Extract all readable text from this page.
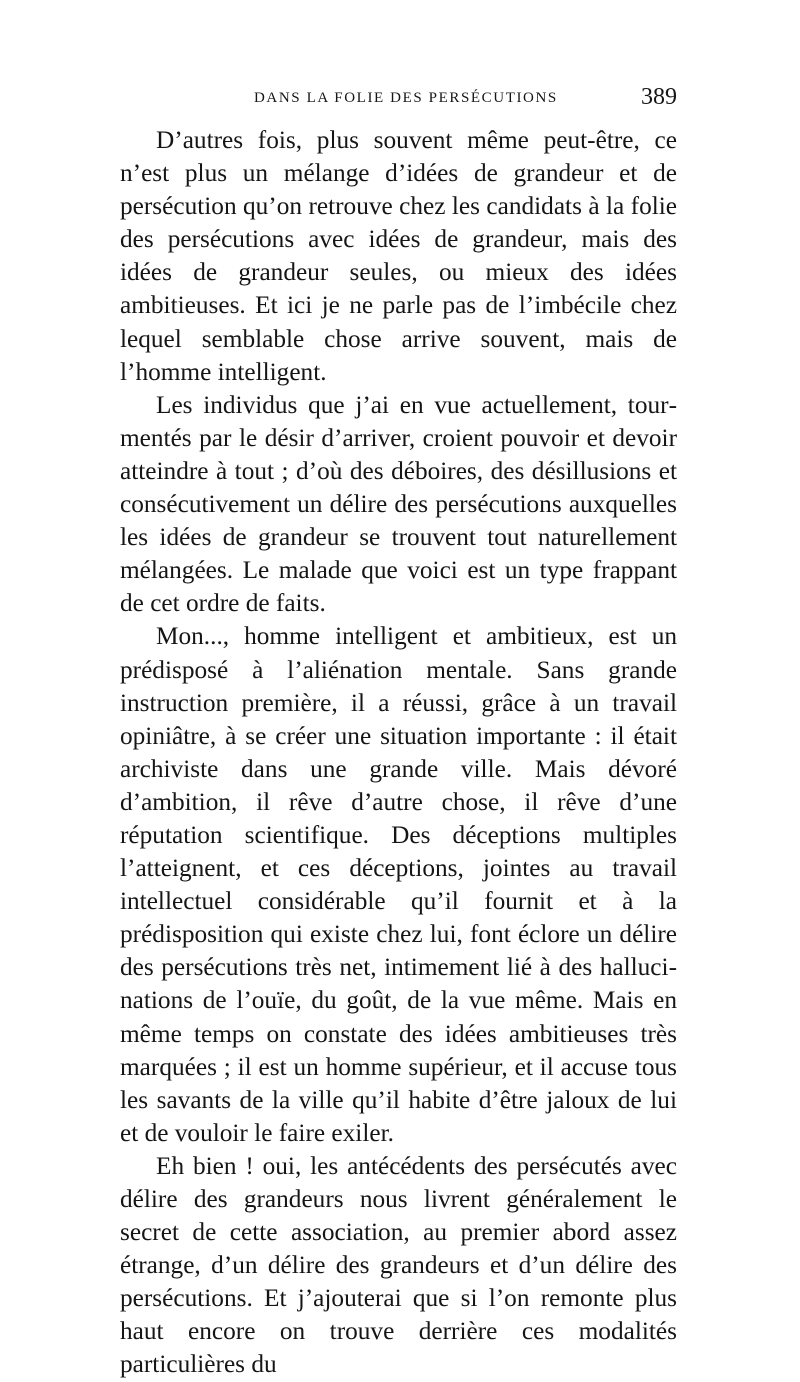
DANS LA FOLIE DES PERSÉCUTIONS	389

D’autres fois, plus souvent même peut-être, ce n’est plus un mélange d’idées de grandeur et de persécution qu’on retrouve chez les candidats à la folie des persécutions avec idées de grandeur, mais des idées de grandeur seules, ou mieux des idées ambitieuses. Et ici je ne parle pas de l’imbécile chez lequel semblable chose arrive souvent, mais de l’homme intelligent.

Les individus que j’ai en vue actuellement, tourmentés par le désir d’arriver, croient pouvoir et devoir atteindre à tout ; d’où des déboires, des désillusions et consécutivement un délire des persécutions auxquelles les idées de grandeur se trouvent tout naturellement mélangées. Le malade que voici est un type frappant de cet ordre de faits.

Mon..., homme intelligent et ambitieux, est un prédisposé à l’aliénation mentale. Sans grande instruction première, il a réussi, grâce à un travail opiniâtre, à se créer une situation importante : il était archiviste dans une grande ville. Mais dévoré d’ambition, il rêve d’autre chose, il rêve d’une réputation scientifique. Des déceptions multiples l’atteignent, et ces déceptions, jointes au travail intellectuel considérable qu’il fournit et à la prédisposition qui existe chez lui, font éclore un délire des persécutions très net, intimement lié à des hallucinations de l’ouïe, du goût, de la vue même. Mais en même temps on constate des idées ambitieuses très marquées ; il est un homme supérieur, et il accuse tous les savants de la ville qu’il habite d’être jaloux de lui et de vouloir le faire exiler.

Eh bien ! oui, les antécédents des persécutés avec délire des grandeurs nous livrent généralement le secret de cette association, au premier abord assez étrange, d’un délire des grandeurs et d’un délire des persécutions. Et j’ajouterai que si l’on remonte plus haut encore on trouve derrière ces modalités particulières du
